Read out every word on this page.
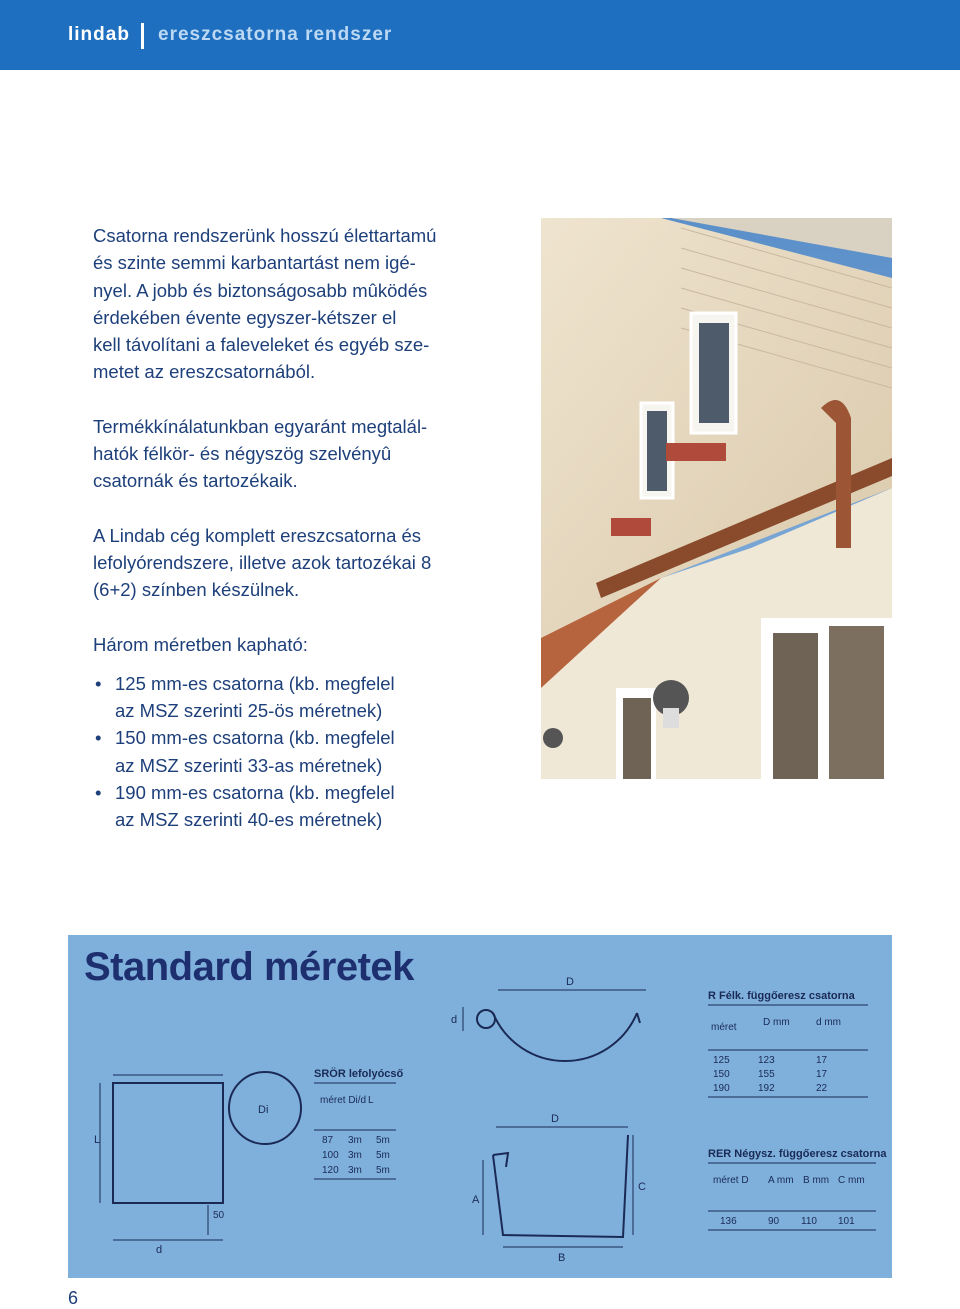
lindab ereszcsatorna rendszer

Csatorna rendszerünk hosszú élettartamú
és szinte semmi karbantartást nem igé-
nyel. A jobb és biztonságosabb mûködés
érdekében évente egyszer-kétszer el
kell távolítani a faleveleket és egyéb sze-
metet az ereszcsatornából.

Termékkínálatunkban egyaránt megtalál-
hatók félkör- és négyszög szelvényû
csatornák és tartozékaik.

A Lindab cég komplett ereszcsatorna és
lefolyórendszere, illetve azok tartozékai 8
(6+2) színben készülnek.

Három méretben kapható:

• 125 mm-es csatorna (kb. megfelel
az MSZ szerinti 25-ös méretnek)
• 150 mm-es csatorna (kb. megfelel
az MSZ szerinti 33-as méretnek)
• 190 mm-es csatorna (kb. megfelel
az MSZ szerinti 40-es méretnek)
Standard méretek	D
d
L
50
d
Di
D
A
B
C
R Félk. függőeresz csatorna
méret	D mm	d mm
125	123	17
150	155	17
190	192	22
SRÖR lefolyócső
méret Di/d L
87 3m 5m
100 3m 5m
120 3m 5m
RER Négysz. függőeresz csatorna
méret D A mm B mm C mm
136	90 110 101
6
